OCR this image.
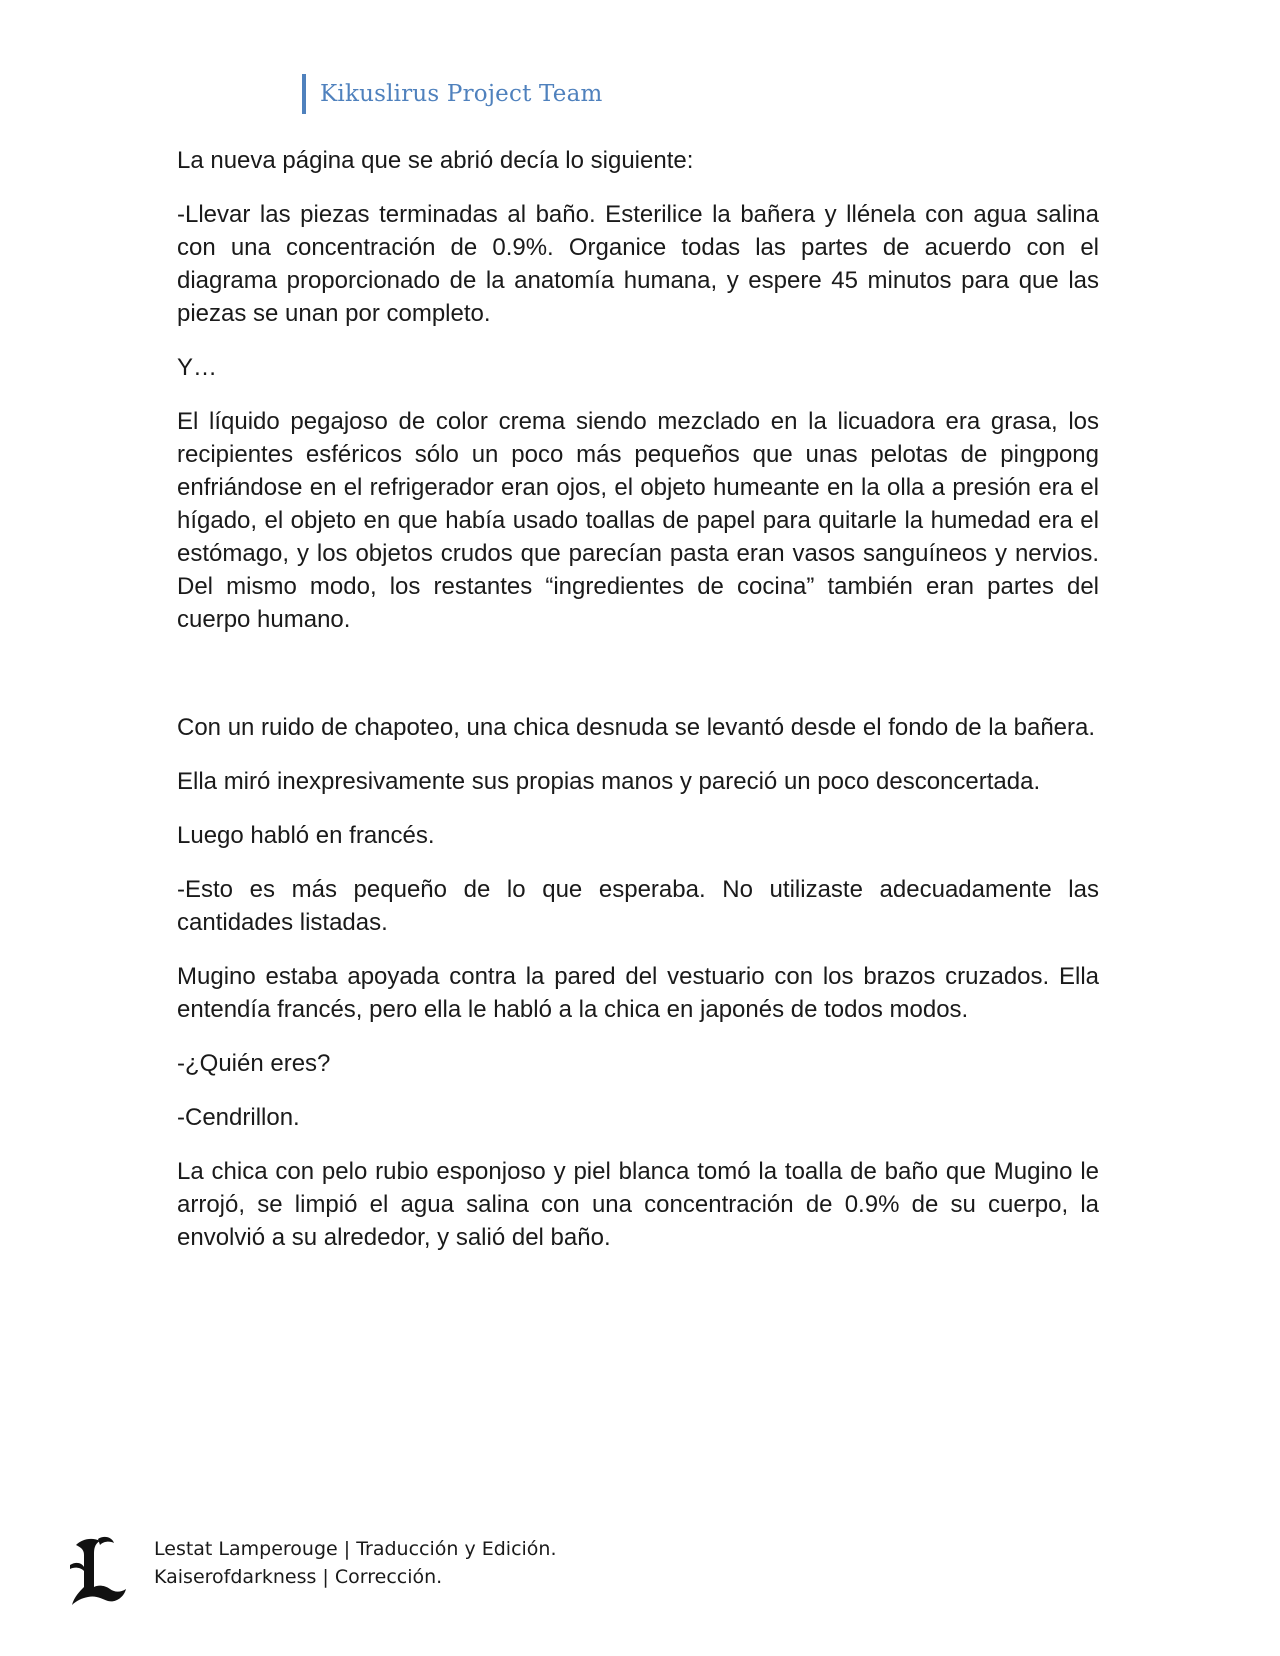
Kikuslirus Project Team

La nueva página que se abrió decía lo siguiente:

-Llevar las piezas terminadas al baño. Esterilice la bañera y llénela con agua salina con una concentración de 0.9%. Organice todas las partes de acuerdo con el diagrama proporcionado de la anatomía humana, y espere 45 minutos para que las piezas se unan por completo.

Y…

El líquido pegajoso de color crema siendo mezclado en la licuadora era grasa, los recipientes esféricos sólo un poco más pequeños que unas pelotas de pingpong enfriándose en el refrigerador eran ojos, el objeto humeante en la olla a presión era el hígado, el objeto en que había usado toallas de papel para quitarle la humedad era el estómago, y los objetos crudos que parecían pasta eran vasos sanguíneos y nervios. Del mismo modo, los restantes “ingredientes de cocina” también eran partes del cuerpo humano.

Con un ruido de chapoteo, una chica desnuda se levantó desde el fondo de la bañera.

Ella miró inexpresivamente sus propias manos y pareció un poco desconcertada.

Luego habló en francés.

-Esto es más pequeño de lo que esperaba. No utilizaste adecuadamente las cantidades listadas.

Mugino estaba apoyada contra la pared del vestuario con los brazos cruzados. Ella entendía francés, pero ella le habló a la chica en japonés de todos modos.

-¿Quién eres?

-Cendrillon.

La chica con pelo rubio esponjoso y piel blanca tomó la toalla de baño que Mugino le arrojó, se limpió el agua salina con una concentración de 0.9% de su cuerpo, la envolvió a su alrededor, y salió del baño.

Lestat Lamperouge | Traducción y Edición.
Kaiserofdarkness | Corrección.
